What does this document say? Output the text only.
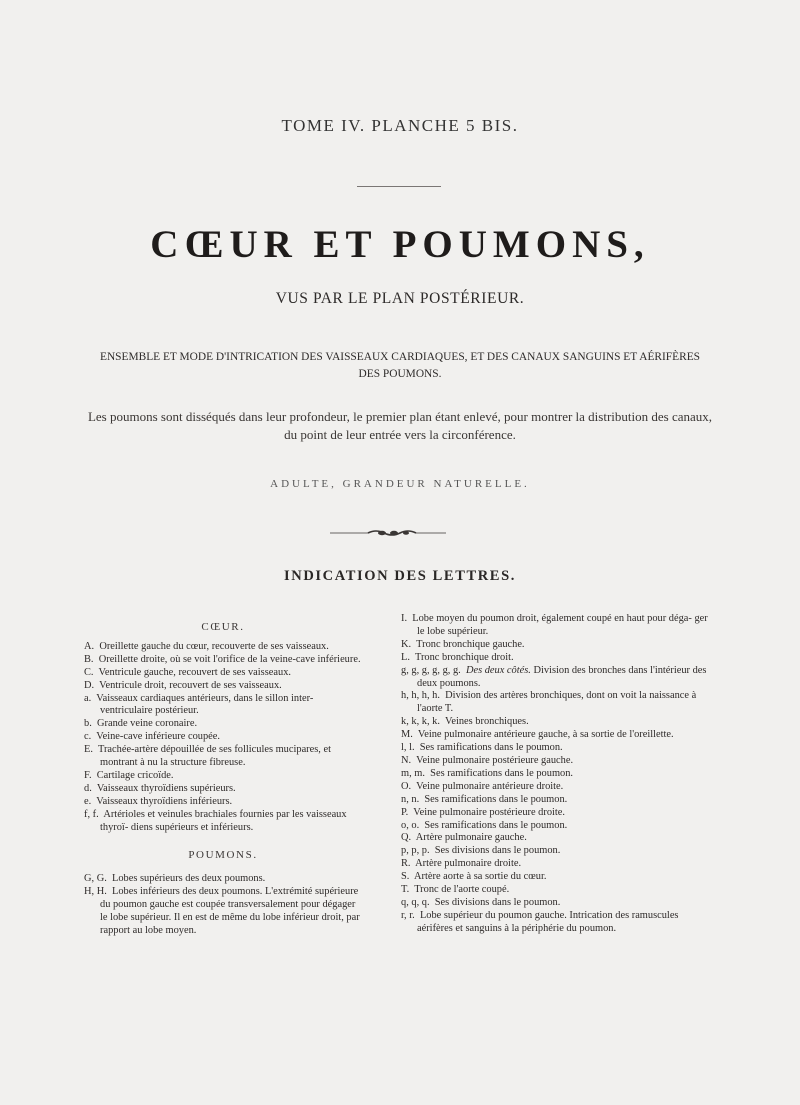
TOME IV. PLANCHE 5 BIS.
CŒUR ET POUMONS,
VUS PAR LE PLAN POSTÉRIEUR.
ENSEMBLE ET MODE D'INTRICATION DES VAISSEAUX CARDIAQUES, ET DES CANAUX SANGUINS ET AÉRIFÈRES
DES POUMONS.
Les poumons sont disséqués dans leur profondeur, le premier plan étant enlevé, pour montrer la distribution des canaux,
du point de leur entrée vers la circonférence.
ADULTE, GRANDEUR NATURELLE.
INDICATION DES LETTRES.
CŒUR.

A. Oreillette gauche du cœur, recouverte de ses vaisseaux.

B. Oreillette droite, où se voit l'orifice de la veine-cave inférieure.

C. Ventricule gauche, recouvert de ses vaisseaux.

D. Ventricule droit, recouvert de ses vaisseaux.

a. Vaisseaux cardiaques antérieurs, dans le sillon inter- ventriculaire postérieur.

b. Grande veine coronaire.

c. Veine-cave inférieure coupée.

E. Trachée-artère dépouillée de ses follicules mucipares, et montrant à nu la structure fibreuse.

F. Cartilage cricoïde.

d. Vaisseaux thyroïdiens supérieurs.

e. Vaisseaux thyroïdiens inférieurs.

f, f. Artérioles et veinules brachiales fournies par les vaisseaux thyroï- diens supérieurs et inférieurs.

POUMONS.

G, G. Lobes supérieurs des deux poumons.

H, H. Lobes inférieurs des deux poumons. L'extrémité supérieure du poumon gauche est coupée transversalement pour dégager le lobe supérieur. Il en est de même du lobe inférieur droit, par rapport au lobe moyen.

I. Lobe moyen du poumon droit, également coupé en haut pour déga- ger le lobe supérieur.

K. Tronc bronchique gauche.

L. Tronc bronchique droit.

g, g, g, g, g, g. Des deux côtés. Division des bronches dans l'intérieur des deux poumons.

h, h, h, h. Division des artères bronchiques, dont on voit la naissance à l'aorte T.

k, k, k, k. Veines bronchiques.

M. Veine pulmonaire antérieure gauche, à sa sortie de l'oreillette.

l, l. Ses ramifications dans le poumon.

N. Veine pulmonaire postérieure gauche.

m, m. Ses ramifications dans le poumon.

O. Veine pulmonaire antérieure droite.

n, n. Ses ramifications dans le poumon.

P. Veine pulmonaire postérieure droite.

o, o. Ses ramifications dans le poumon.

Q. Artère pulmonaire gauche.

p, p, p. Ses divisions dans le poumon.

R. Artère pulmonaire droite.

S. Artère aorte à sa sortie du cœur.

T. Tronc de l'aorte coupé.

q, q, q. Ses divisions dans le poumon.

r, r. Lobe supérieur du poumon gauche. Intrication des ramuscules aérifères et sanguins à la périphérie du poumon.
